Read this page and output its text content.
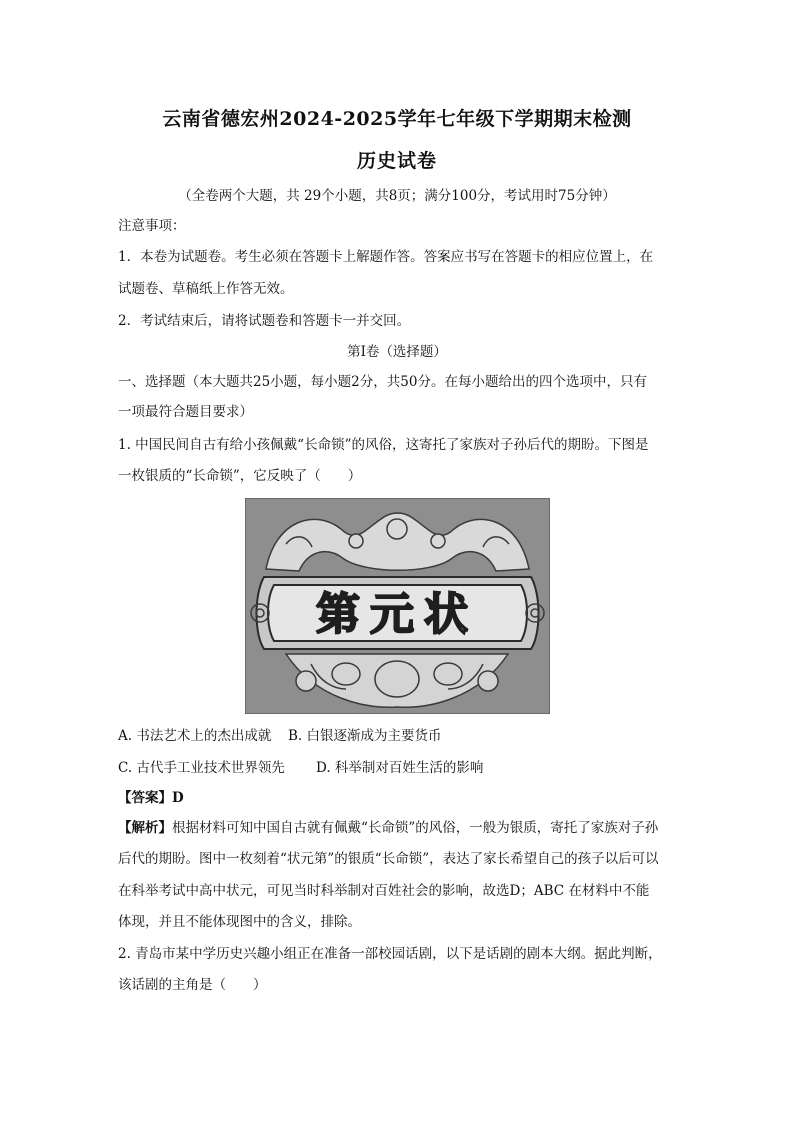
云南省德宏州2024-2025学年七年级下学期期末检测
历史试卷
（全卷两个大题，共 29个小题，共8页；满分100分，考试用时75分钟）
注意事项：
1．本卷为试题卷。考生必须在答题卡上解题作答。答案应书写在答题卡的相应位置上，在
试题卷、草稿纸上作答无效。
2．考试结束后，请将试题卷和答题卡一并交回。
第Ⅰ卷（选择题）
一、选择题（本大题共25小题，每小题2分，共50分。在每小题给出的四个选项中，只有
一项最符合题目要求）
1. 中国民间自古有给小孩佩戴“长命锁”的风俗，这寄托了家族对子孙后代的期盼。下图是
一枚银质的“长命锁”，它反映了（　　）
第元状
A. 书法艺术上的杰出成就 B. 白银逐渐成为主要货币
C. 古代手工业技术世界领先 D. 科举制对百姓生活的影响
【答案】D
【解析】根据材料可知中国自古就有佩戴“长命锁”的风俗，一般为银质，寄托了家族对子孙
后代的期盼。图中一枚刻着“状元第”的银质“长命锁”，表达了家长希望自己的孩子以后可以
在科举考试中高中状元，可见当时科举制对百姓社会的影响，故选D；ABC 在材料中不能
体现，并且不能体现图中的含义，排除。
2. 青岛市某中学历史兴趣小组正在准备一部校园话剧，以下是话剧的剧本大纲。据此判断，
该话剧的主角是（　　）
